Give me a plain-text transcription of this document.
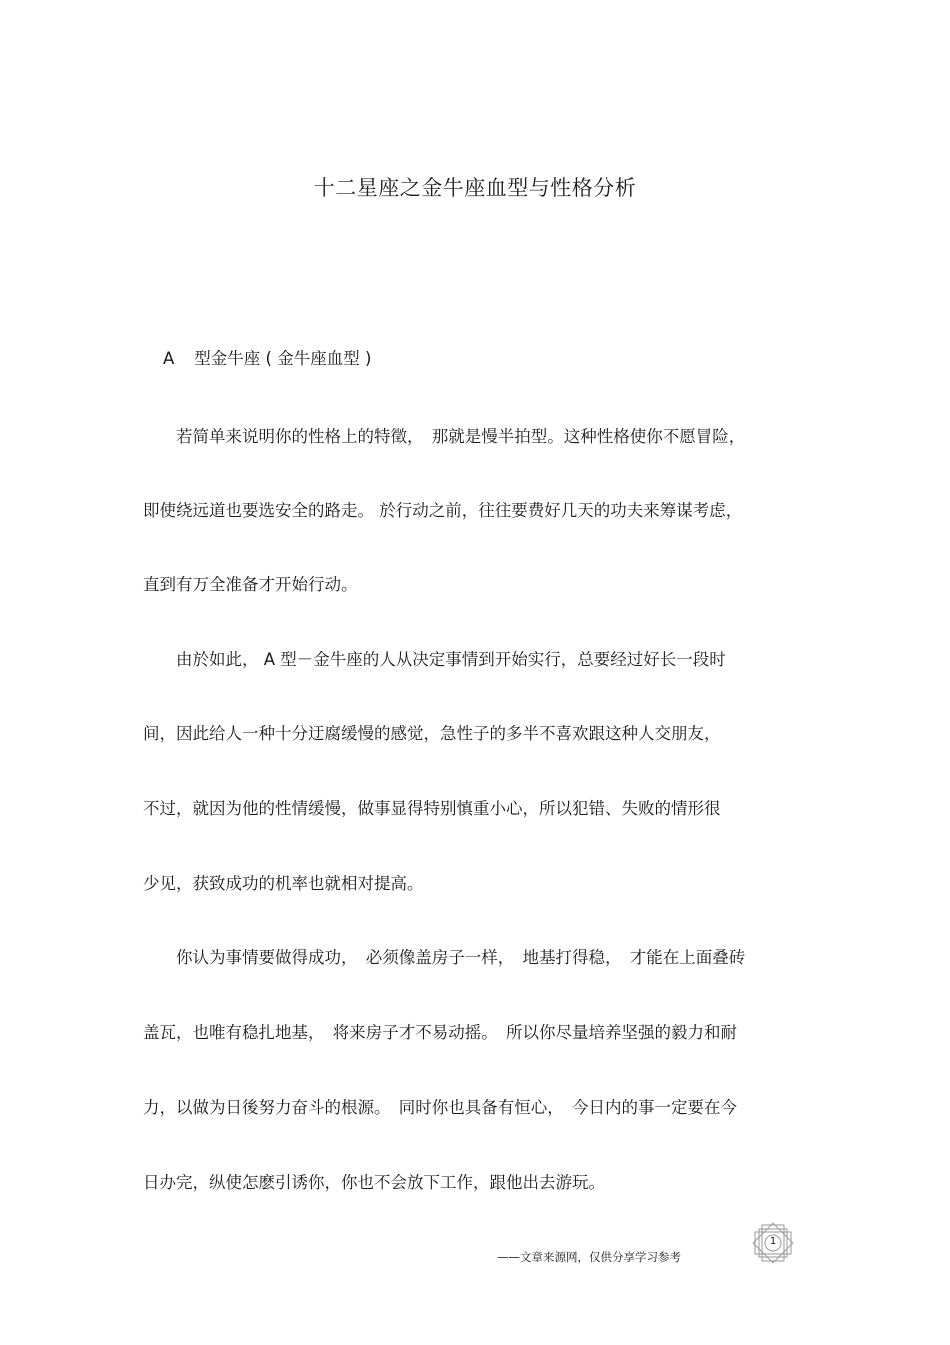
十二星座之金牛座血型与性格分析
A 型金牛座 ( 金牛座血型 )
　　若简单来说明你的性格上的特徵，　那就是慢半拍型。这种性格使你不愿冒险，
即使绕远道也要选安全的路走。 於行动之前，往往要费好几天的功夫来筹谋考虑，
直到有万全准备才开始行动。
　　由於如此， A 型－金牛座的人从决定事情到开始实行，总要经过好长一段时
间，因此给人一种十分迂腐缓慢的感觉，急性子的多半不喜欢跟这种人交朋友，
不过，就因为他的性情缓慢，做事显得特别慎重小心，所以犯错、失败的情形很
少见，获致成功的机率也就相对提高。
　　你认为事情要做得成功，　必须像盖房子一样，　地基打得稳，　才能在上面叠砖
盖瓦，也唯有稳扎地基，　将来房子才不易动摇。　所以你尽量培养坚强的毅力和耐
力，以做为日後努力奋斗的根源。　同时你也具备有恒心，　今日内的事一定要在今
日办完，纵使怎麽引诱你，你也不会放下工作，跟他出去游玩。
——文章来源网，仅供分享学习参考
1
